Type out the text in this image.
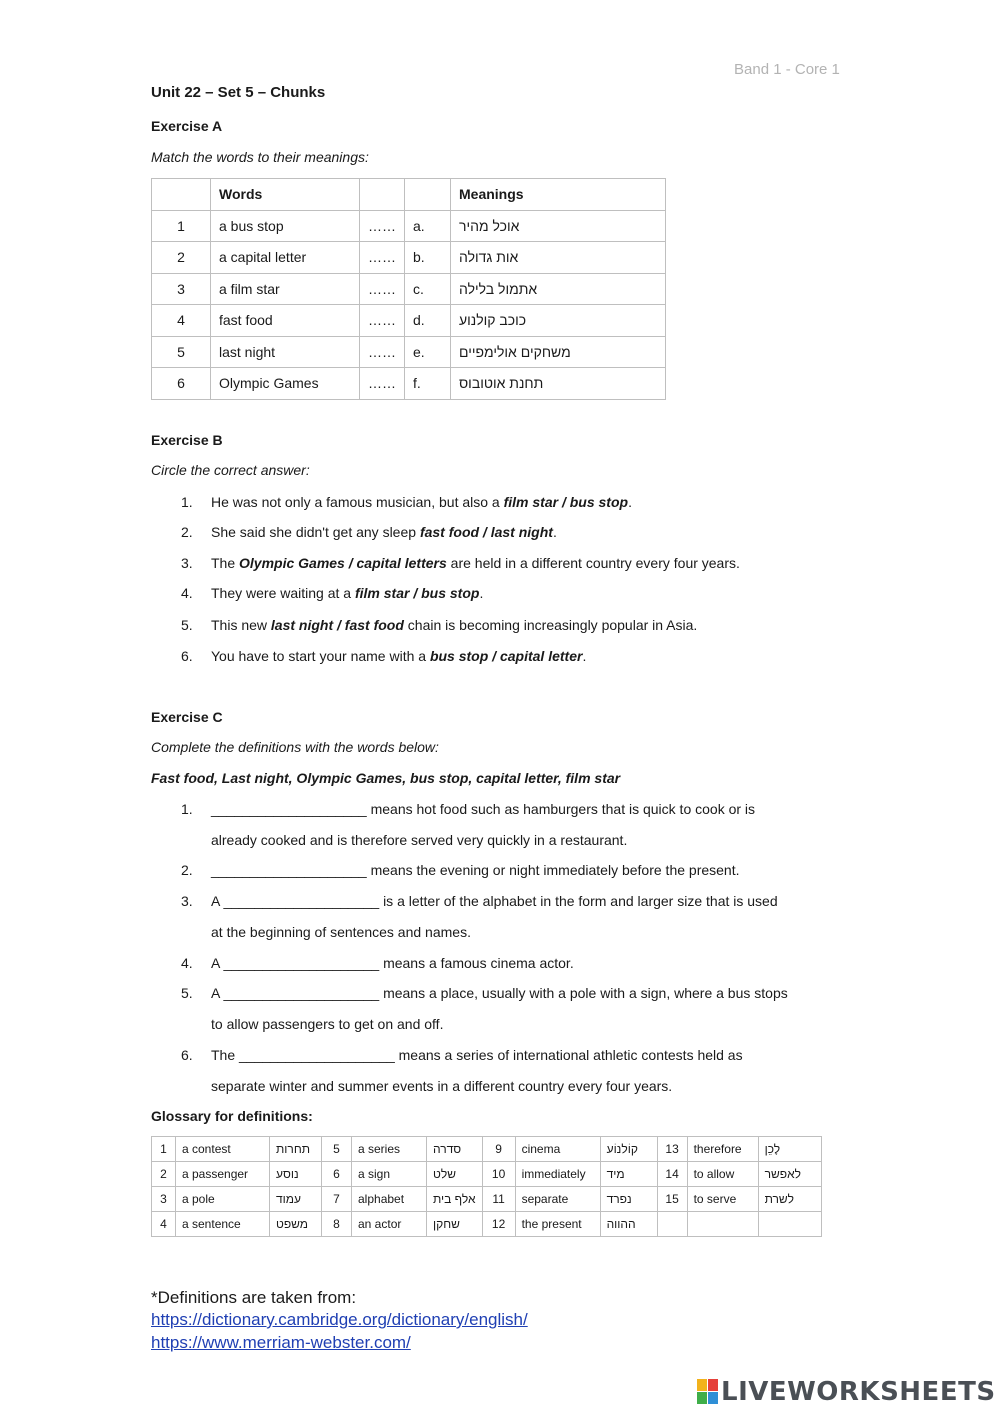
Band 1 - Core 1
Unit 22 – Set 5 – Chunks
Exercise A
Match the words to their meanings:
	Words			Meanings
1	a bus stop	……	a.	אוכל מהיר
2	a capital letter	……	b.	אות גדולה
3	a film star	……	c.	אתמול בלילה
4	fast food	……	d.	כוכב קולנוע
5	last night	……	e.	משחקים אולימפיים
6	Olympic Games	……	f.	תחנת אוטובוס
Exercise B
Circle the correct answer:
1. He was not only a famous musician, but also a film star / bus stop.
2. She said she didn't get any sleep fast food / last night.
3. The Olympic Games / capital letters are held in a different country every four years.
4. They were waiting at a film star / bus stop.
5. This new last night / fast food chain is becoming increasingly popular in Asia.
6. You have to start your name with a bus stop / capital letter.
Exercise C
Complete the definitions with the words below:
Fast food, Last night, Olympic Games, bus stop, capital letter, film star
1. ____________________ means hot food such as hamburgers that is quick to cook or is
already cooked and is therefore served very quickly in a restaurant.
2. ____________________ means the evening or night immediately before the present.
3. A ____________________ is a letter of the alphabet in the form and larger size that is used
at the beginning of sentences and names.
4. A ____________________ means a famous cinema actor.
5. A ____________________ means a place, usually with a pole with a sign, where a bus stops
to allow passengers to get on and off.
6. The ____________________ means a series of international athletic contests held as
separate winter and summer events in a different country every four years.
Glossary for definitions:
1	a contest	תחרות	5	a series	סדרה	9	cinema	קוֹלנוֹע	13	therefore	לָכֵן
2	a passenger	נוסע	6	a sign	שלט	10	immediately	מיד	14	to allow	לאפשר
3	a pole	עמוד	7	alphabet	אלף בית	11	separate	נפרד	15	to serve	לשרת
4	a sentence	משפט	8	an actor	שחקן	12	the present	ההווה			
*Definitions are taken from:
https://dictionary.cambridge.org/dictionary/english/
https://www.merriam-webster.com/
LIVEWORKSHEETS
